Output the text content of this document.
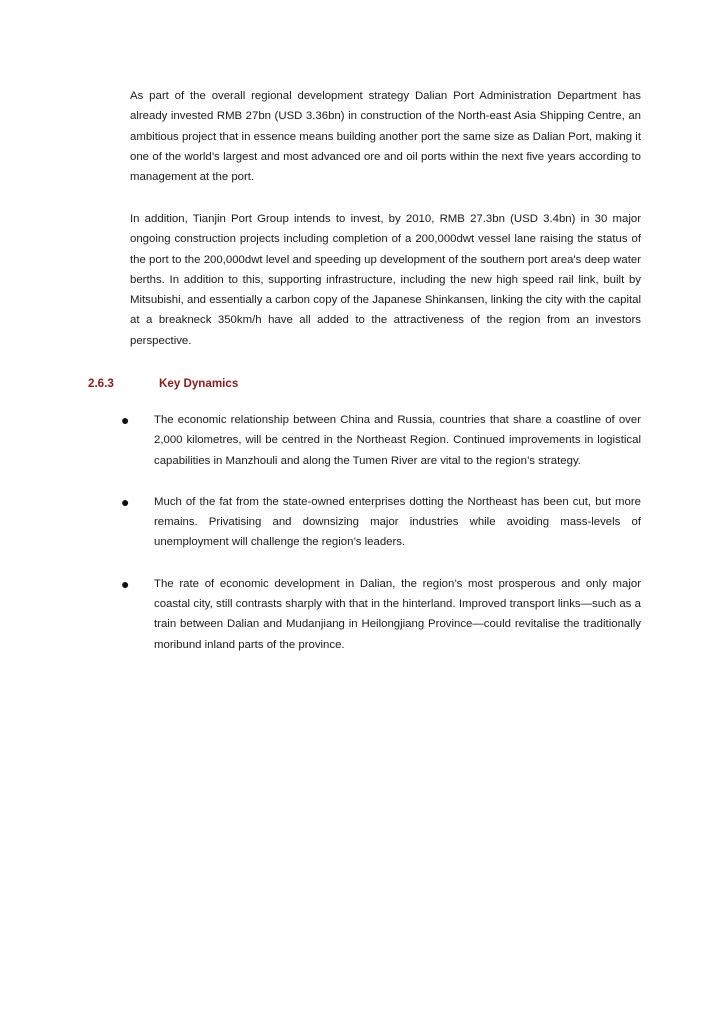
As part of the overall regional development strategy Dalian Port Administration Department has already invested RMB 27bn (USD 3.36bn) in construction of the North-east Asia Shipping Centre, an ambitious project that in essence means building another port the same size as Dalian Port, making it one of the world’s largest and most advanced ore and oil ports within the next five years according to management at the port.

In addition, Tianjin Port Group intends to invest, by 2010, RMB 27.3bn (USD 3.4bn) in 30 major ongoing construction projects including completion of a 200,000dwt vessel lane raising the status of the port to the 200,000dwt level and speeding up development of the southern port area's deep water berths. In addition to this, supporting infrastructure, including the new high speed rail link, built by Mitsubishi, and essentially a carbon copy of the Japanese Shinkansen, linking the city with the capital at a breakneck 350km/h have all added to the attractiveness of the region from an investors perspective.

2.6.3	Key Dynamics
● The economic relationship between China and Russia, countries that share a coastline of over 2,000 kilometres, will be centred in the Northeast Region. Continued improvements in logistical capabilities in Manzhouli and along the Tumen River are vital to the region’s strategy.
● Much of the fat from the state-owned enterprises dotting the Northeast has been cut, but more remains. Privatising and downsizing major industries while avoiding mass-levels of unemployment will challenge the region’s leaders.
● The rate of economic development in Dalian, the region’s most prosperous and only major coastal city, still contrasts sharply with that in the hinterland. Improved transport links—such as a train between Dalian and Mudanjiang in Heilongjiang Province—could revitalise the traditionally moribund inland parts of the province.
